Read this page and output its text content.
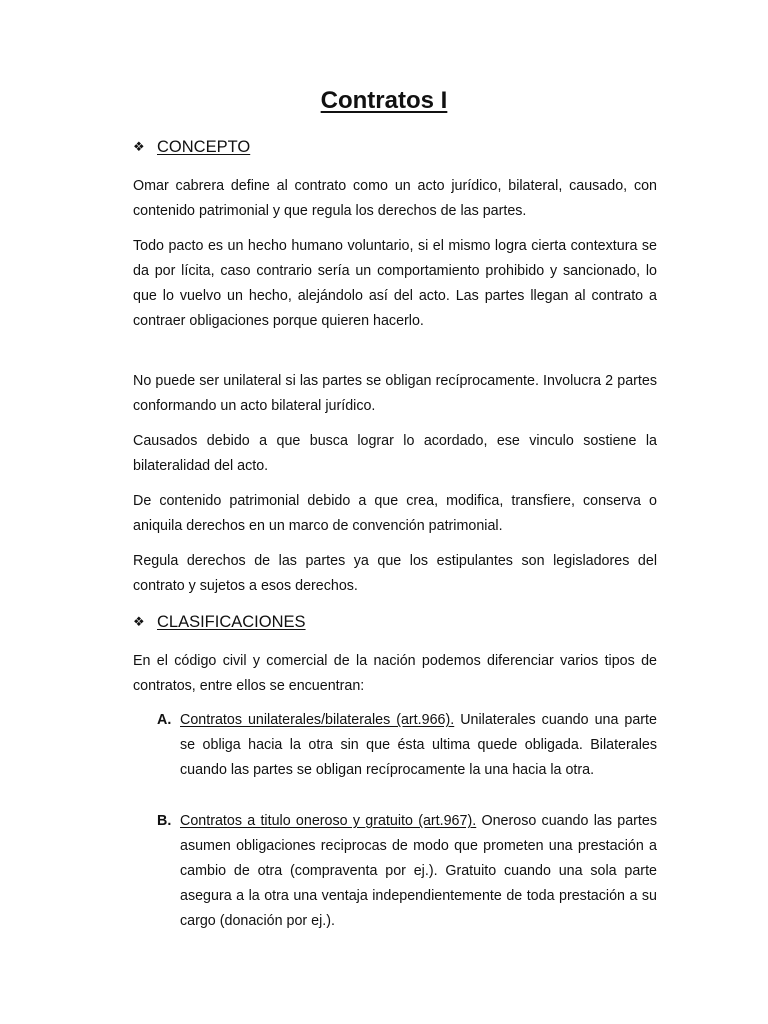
Contratos I
❖ CONCEPTO

Omar cabrera define al contrato como un acto jurídico, bilateral, causado, con contenido patrimonial y que regula los derechos de las partes.

Todo pacto es un hecho humano voluntario, si el mismo logra cierta contextura se da por lícita, caso contrario sería un comportamiento prohibido y sancionado, lo que lo vuelvo un hecho, alejándolo así del acto. Las partes llegan al contrato a contraer obligaciones porque quieren hacerlo.

No puede ser unilateral si las partes se obligan recíprocamente. Involucra 2 partes conformando un acto bilateral jurídico.

Causados debido a que busca lograr lo acordado, ese vinculo sostiene la bilateralidad del acto.

De contenido patrimonial debido a que crea, modifica, transfiere, conserva o aniquila derechos en un marco de convención patrimonial.

Regula derechos de las partes ya que los estipulantes son legisladores del contrato y sujetos a esos derechos.

❖ CLASIFICACIONES

En el código civil y comercial de la nación podemos diferenciar varios tipos de contratos, entre ellos se encuentran:

A. Contratos unilaterales/bilaterales (art.966). Unilaterales cuando una parte se obliga hacia la otra sin que ésta ultima quede obligada. Bilaterales cuando las partes se obligan recíprocamente la una hacia la otra.
B. Contratos a titulo oneroso y gratuito (art.967). Oneroso cuando las partes asumen obligaciones reciprocas de modo que prometen una prestación a cambio de otra (compraventa por ej.). Gratuito cuando una sola parte asegura a la otra una ventaja independientemente de toda prestación a su cargo (donación por ej.).
